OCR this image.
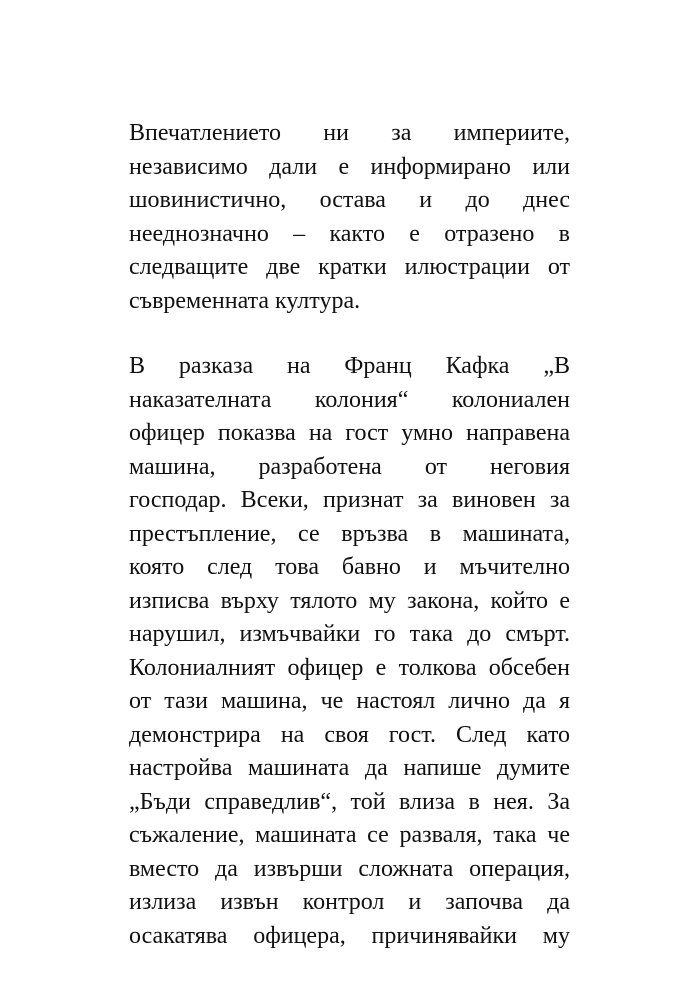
Впечатлението ни за империите,
независимо дали е информирано или
шовинистично, остава и до днес
нееднозначно – както е отразено в
следващите две кратки илюстрации от
съвременната култура.
В разказа на Франц Кафка „В
наказателната колония“ колониален
офицер показва на гост умно направена
машина, разработена от неговия
господар. Всеки, признат за виновен за
престъпление, се връзва в машината,
която след това бавно и мъчително
изписва върху тялото му закона, който е
нарушил, измъчвайки го така до смърт.
Колониалният офицер е толкова обсебен
от тази машина, че настоял лично да я
демонстрира на своя гост. След като
настройва машината да напише думите
„Бъди справедлив“, той влиза в нея. За
съжаление, машината се разваля, така че
вместо да извърши сложната операция,
излиза извън контрол и започва да
осакатява офицера, причинявайки му
